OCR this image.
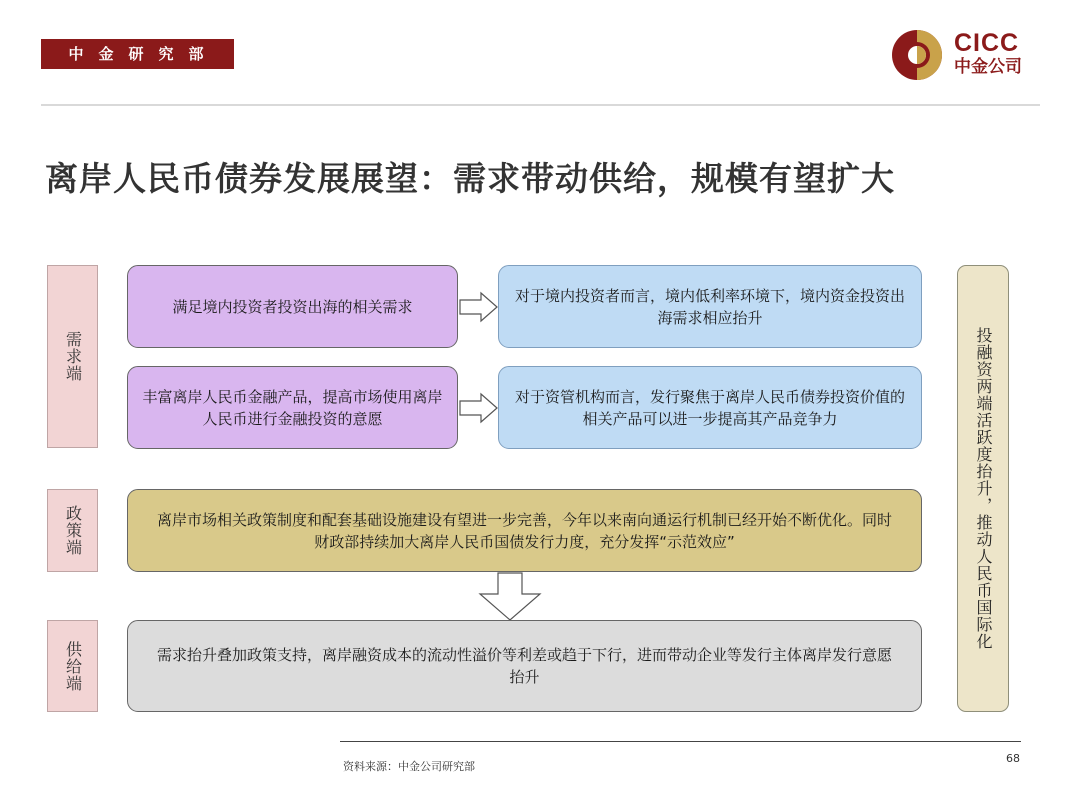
中金研究部	CICC
中金公司
离岸人民币债券发展展望：需求带动供给，规模有望扩大
需求端
政策端
供给端
满足境内投资者投资出海的相关需求
对于境内投资者而言，境内低利率环境下，境内资金投资出海需求相应抬升
丰富离岸人民币金融产品，提高市场使用离岸人民币进行金融投资的意愿
对于资管机构而言，发行聚焦于离岸人民币债券投资价值的相关产品可以进一步提高其产品竞争力
离岸市场相关政策制度和配套基础设施建设有望进一步完善，今年以来南向通运行机制已经开始不断优化。同时财政部持续加大离岸人民币国债发行力度，充分发挥“示范效应”
需求抬升叠加政策支持，离岸融资成本的流动性溢价等利差或趋于下行，进而带动企业等发行主体离岸发行意愿抬升
投融资两端活跃度抬升，推动人民币国际化
资料来源：中金公司研究部
68
